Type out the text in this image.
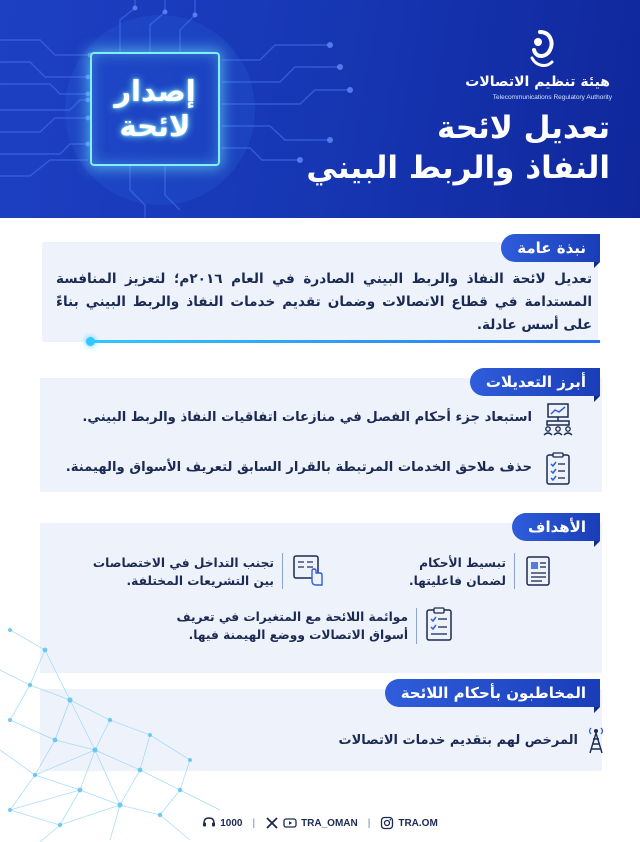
إصدار
لائحة
هيئة تنظيم الاتصالات
Telecommunications Regulatory Authority
تعديل لائحة
النفاذ والربط البيني
نبذة عامة
تعديل لائحة النفاذ والربط البيني الصادرة في العام ٢٠١٦م؛ لتعزيز المنافسة المستدامة في قطاع الاتصالات وضمان تقديم خدمات النفاذ والربط البيني بناءً على أسس عادلة.
أبرز التعديلات
استبعاد جزء أحكام الفصل في منازعات اتفاقيات النفاذ والربط البيني.
حذف ملاحق الخدمات المرتبطة بالقرار السابق لتعريف الأسواق والهيمنة.
الأهداف
تبسيط الأحكام
لضمان فاعليتها.
تجنب التداخل في الاختصاصات
بين التشريعات المختلفة.
موائمة اللائحة مع المتغيرات في تعريف
أسواق الاتصالات ووضع الهيمنة فيها.
المخاطبون بأحكام اللائحة
المرخص لهم بتقديم خدمات الاتصالات
1000 |	TRA_OMAN |	TRA.OM
